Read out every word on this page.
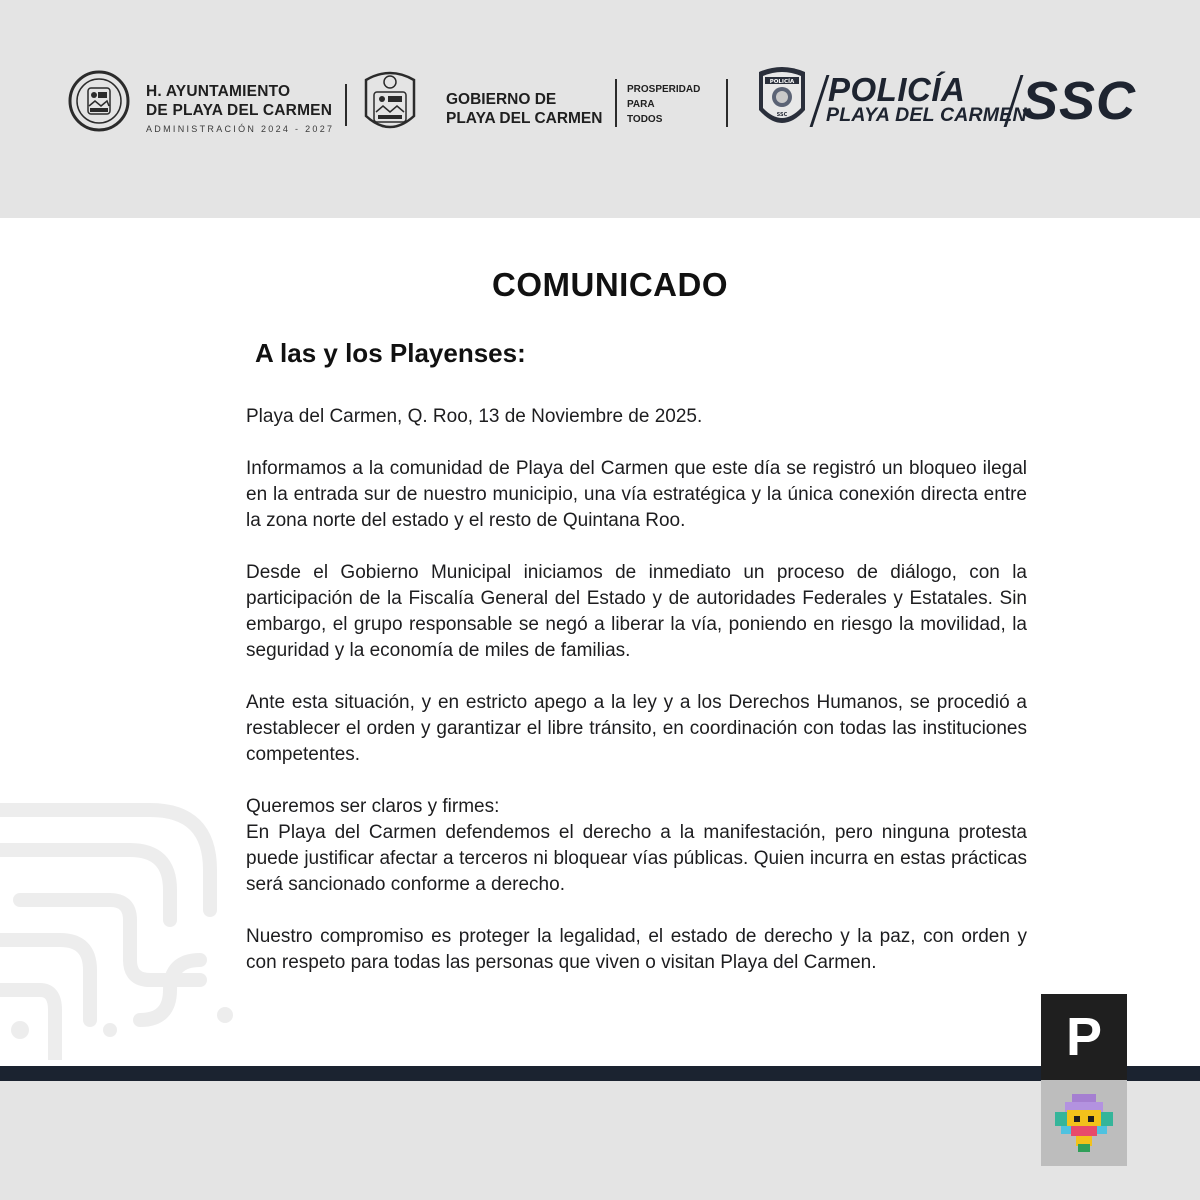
H. AYUNTAMIENTO
DE PLAYA DEL CARMEN
ADMINISTRACIÓN 2024 - 2027
GOBIERNO DE
PLAYA DEL CARMEN
PROSPERIDAD
PARA
TODOS
POLICÍA
SSC
POLICÍA
PLAYA DEL CARMEN
SSC
COMUNICADO
A las y los Playenses:

Playa del Carmen, Q. Roo, 13 de Noviembre de 2025.

Informamos a la comunidad de Playa del Carmen que este día se registró un bloqueo ilegal en la entrada sur de nuestro municipio, una vía estratégica y la única conexión directa entre la zona norte del estado y el resto de Quintana Roo.

Desde el Gobierno Municipal iniciamos de inmediato un proceso de diálogo, con la participación de la Fiscalía General del Estado y de autoridades Federales y Estatales. Sin embargo, el grupo responsable se negó a liberar la vía, poniendo en riesgo la movilidad, la seguridad y la economía de miles de familias.

Ante esta situación, y en estricto apego a la ley y a los Derechos Humanos, se procedió a restablecer el orden y garantizar el libre tránsito, en coordinación con todas las instituciones competentes.

Queremos ser claros y firmes:

En Playa del Carmen defendemos el derecho a la manifestación, pero ninguna protesta puede justificar afectar a terceros ni bloquear vías públicas. Quien incurra en estas prácticas será sancionado conforme a derecho.

Nuestro compromiso es proteger la legalidad, el estado de derecho y la paz, con orden y con respeto para todas las personas que viven o visitan Playa del Carmen.

P
